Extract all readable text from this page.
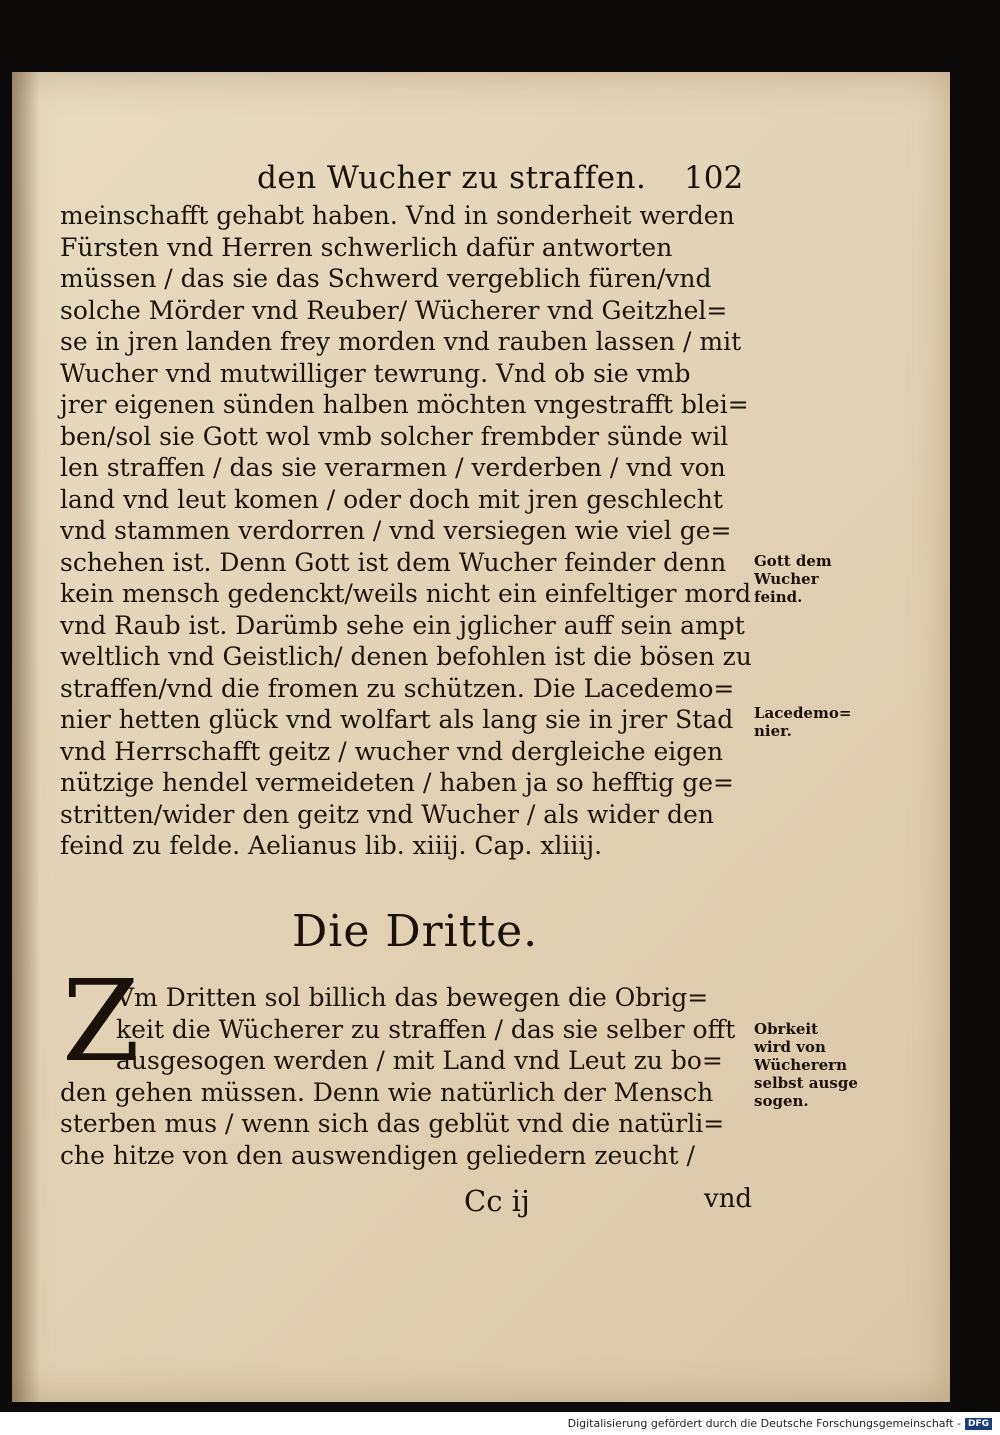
den Wucher zu straffen. 102
meinschafft gehabt haben. Vnd in sonderheit werden
Fürsten vnd Herren schwerlich dafür antworten
müssen / das sie das Schwerd vergeblich füren/vnd
solche Mörder vnd Reuber/ Wücherer vnd Geitzhel=
se in jren landen frey morden vnd rauben lassen / mit
Wucher vnd mutwilliger tewrung. Vnd ob sie vmb
jrer eigenen sünden halben möchten vngestrafft blei=
ben/sol sie Gott wol vmb solcher frembder sünde wil
len straffen / das sie verarmen / verderben / vnd von
land vnd leut komen / oder doch mit jren geschlecht
vnd stammen verdorren / vnd versiegen wie viel ge=
schehen ist. Denn Gott ist dem Wucher feinder denn
kein mensch gedenckt/weils nicht ein einfeltiger mord
vnd Raub ist. Darümb sehe ein jglicher auff sein ampt
weltlich vnd Geistlich/ denen befohlen ist die bösen zu
straffen/vnd die fromen zu schützen. Die Lacedemo=
nier hetten glück vnd wolfart als lang sie in jrer Stad
vnd Herrschafft geitz / wucher vnd dergleiche eigen
nützige hendel vermeideten / haben ja so hefftig ge=
stritten/wider den geitz vnd Wucher / als wider den
feind zu felde. Aelianus lib. xiiij. Cap. xliiij.
Gott dem
Wucher
feind.
Lacedemo=
nier.
Die Dritte.
Z
Vm Dritten sol billich das bewegen die Obrig=
keit die Wücherer zu straffen / das sie selber offt
ausgesogen werden / mit Land vnd Leut zu bo=
den gehen müssen. Denn wie natürlich der Mensch
sterben mus / wenn sich das geblüt vnd die natürli=
che hitze von den auswendigen geliedern zeucht /
Obrkeit
wird von
Wücherern
selbst ausge
sogen.
Cc ij	vnd
Digitalisierung gefördert durch die Deutsche Forschungsgemeinschaft - DFG
